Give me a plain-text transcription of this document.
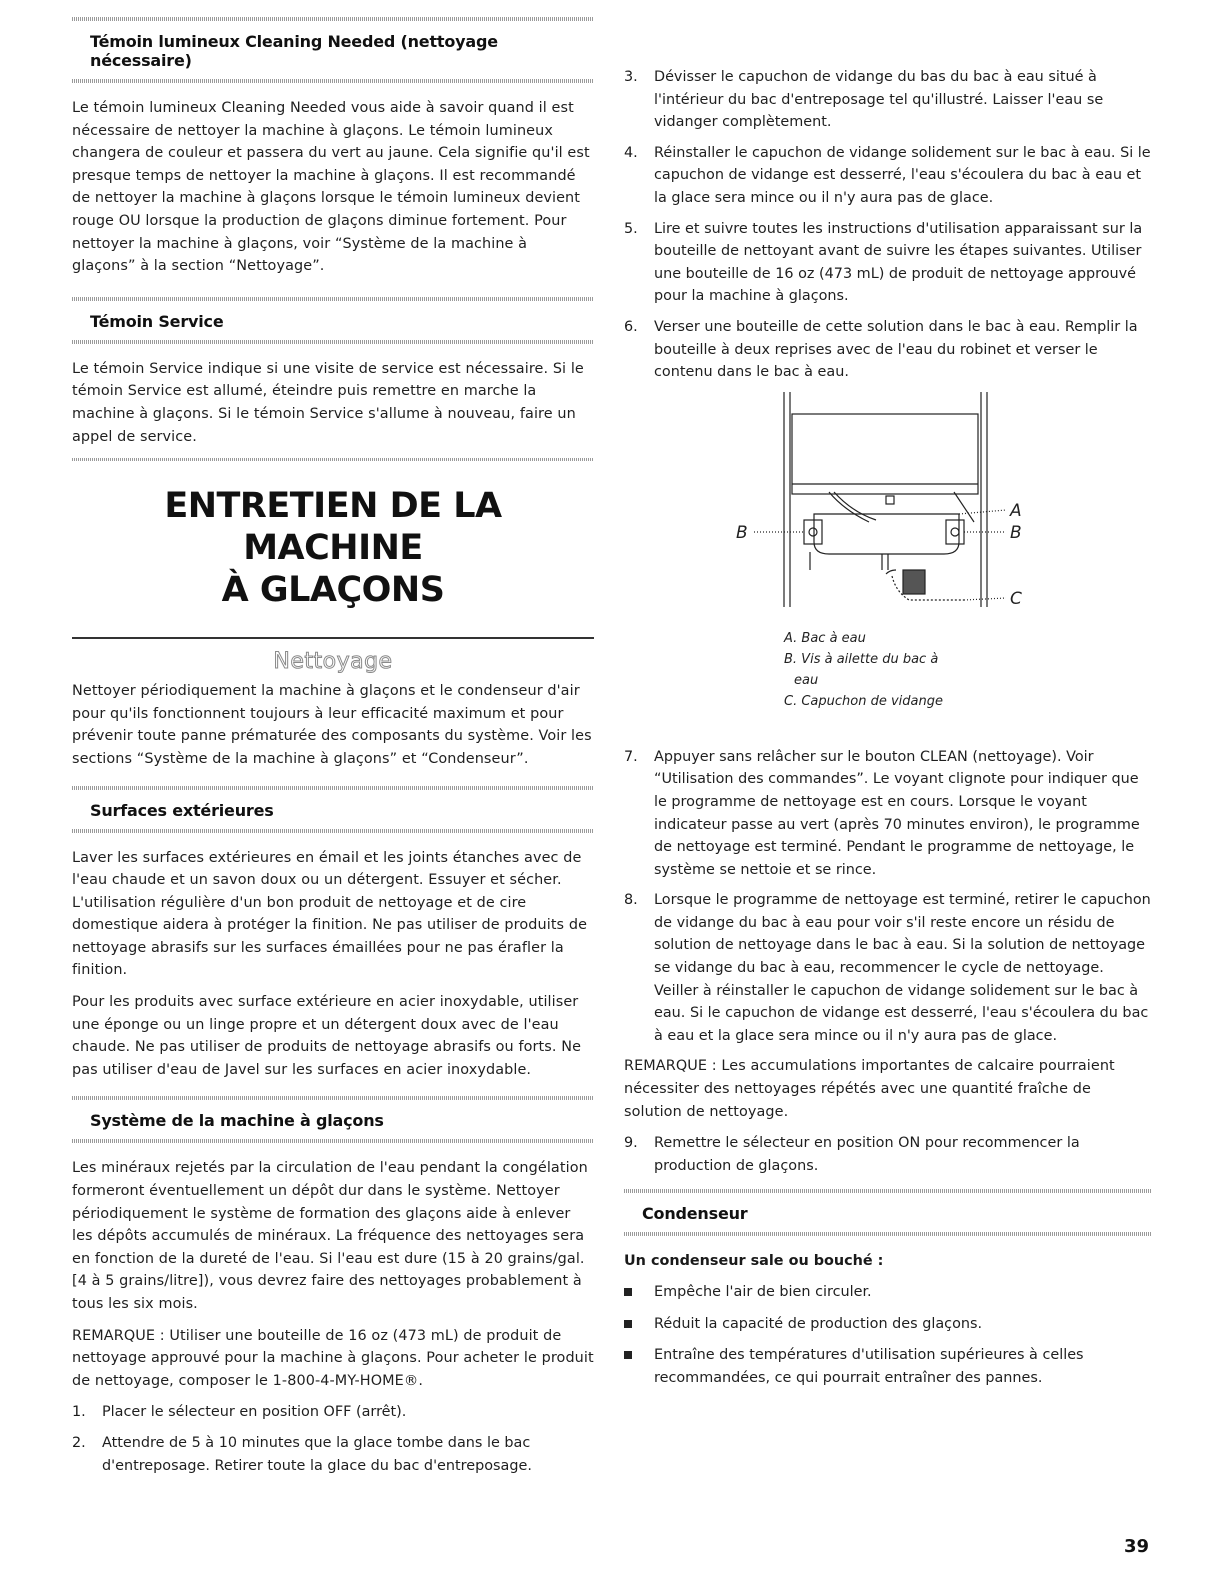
Témoin lumineux Cleaning Needed (nettoyage nécessaire)

Le témoin lumineux Cleaning Needed vous aide à savoir quand il est nécessaire de nettoyer la machine à glaçons. Le témoin lumineux changera de couleur et passera du vert au jaune. Cela signifie qu'il est presque temps de nettoyer la machine à glaçons. Il est recommandé de nettoyer la machine à glaçons lorsque le témoin lumineux devient rouge OU lorsque la production de glaçons diminue fortement. Pour nettoyer la machine à glaçons, voir “Système de la machine à glaçons” à la section “Nettoyage”.

Témoin Service

Le témoin Service indique si une visite de service est nécessaire. Si le témoin Service est allumé, éteindre puis remettre en marche la machine à glaçons. Si le témoin Service s'allume à nouveau, faire un appel de service.

ENTRETIEN DE LA MACHINE
À GLAÇONS
Nettoyage

Nettoyer périodiquement la machine à glaçons et le condenseur d'air pour qu'ils fonctionnent toujours à leur efficacité maximum et pour prévenir toute panne prématurée des composants du système. Voir les sections “Système de la machine à glaçons” et “Condenseur”.

Surfaces extérieures

Laver les surfaces extérieures en émail et les joints étanches avec de l'eau chaude et un savon doux ou un détergent. Essuyer et sécher. L'utilisation régulière d'un bon produit de nettoyage et de cire domestique aidera à protéger la finition. Ne pas utiliser de produits de nettoyage abrasifs sur les surfaces émaillées pour ne pas érafler la finition.

Pour les produits avec surface extérieure en acier inoxydable, utiliser une éponge ou un linge propre et un détergent doux avec de l'eau chaude. Ne pas utiliser de produits de nettoyage abrasifs ou forts. Ne pas utiliser d'eau de Javel sur les surfaces en acier inoxydable.

Système de la machine à glaçons

Les minéraux rejetés par la circulation de l'eau pendant la congélation formeront éventuellement un dépôt dur dans le système. Nettoyer périodiquement le système de formation des glaçons aide à enlever les dépôts accumulés de minéraux. La fréquence des nettoyages sera en fonction de la dureté de l'eau. Si l'eau est dure (15 à 20 grains/gal. [4 à 5 grains/litre]), vous devrez faire des nettoyages probablement à tous les six mois.

REMARQUE : Utiliser une bouteille de 16 oz (473 mL) de produit de nettoyage approuvé pour la machine à glaçons. Pour acheter le produit de nettoyage, composer le 1-800-4-MY-HOME®.

1.	Placer le sélecteur en position OFF (arrêt).
2.	Attendre de 5 à 10 minutes que la glace tombe dans le bac d'entreposage. Retirer toute la glace du bac d'entreposage.
3.	Dévisser le capuchon de vidange du bas du bac à eau situé à l'intérieur du bac d'entreposage tel qu'illustré. Laisser l'eau se vidanger complètement.
4.	Réinstaller le capuchon de vidange solidement sur le bac à eau. Si le capuchon de vidange est desserré, l'eau s'écoulera du bac à eau et la glace sera mince ou il n'y aura pas de glace.
5.	Lire et suivre toutes les instructions d'utilisation apparaissant sur la bouteille de nettoyant avant de suivre les étapes suivantes. Utiliser une bouteille de 16 oz (473 mL) de produit de nettoyage approuvé pour la machine à glaçons.
6.	Verser une bouteille de cette solution dans le bac à eau. Remplir la bouteille à deux reprises avec de l'eau du robinet et verser le contenu dans le bac à eau.
B
A
B
C
A. Bac à eau
B. Vis à ailette du bac à
eau
C. Capuchon de vidange
7.	Appuyer sans relâcher sur le bouton CLEAN (nettoyage). Voir “Utilisation des commandes”. Le voyant clignote pour indiquer que le programme de nettoyage est en cours. Lorsque le voyant indicateur passe au vert (après 70 minutes environ), le programme de nettoyage est terminé. Pendant le programme de nettoyage, le système se nettoie et se rince.
8.	Lorsque le programme de nettoyage est terminé, retirer le capuchon de vidange du bac à eau pour voir s'il reste encore un résidu de solution de nettoyage dans le bac à eau. Si la solution de nettoyage se vidange du bac à eau, recommencer le cycle de nettoyage. Veiller à réinstaller le capuchon de vidange solidement sur le bac à eau. Si le capuchon de vidange est desserré, l'eau s'écoulera du bac à eau et la glace sera mince ou il n'y aura pas de glace.

REMARQUE : Les accumulations importantes de calcaire pourraient nécessiter des nettoyages répétés avec une quantité fraîche de solution de nettoyage.

9.	Remettre le sélecteur en position ON pour recommencer la production de glaçons.
Condenseur
Un condenseur sale ou bouché :
Empêche l'air de bien circuler.
Réduit la capacité de production des glaçons.
Entraîne des températures d'utilisation supérieures à celles recommandées, ce qui pourrait entraîner des pannes.
39
